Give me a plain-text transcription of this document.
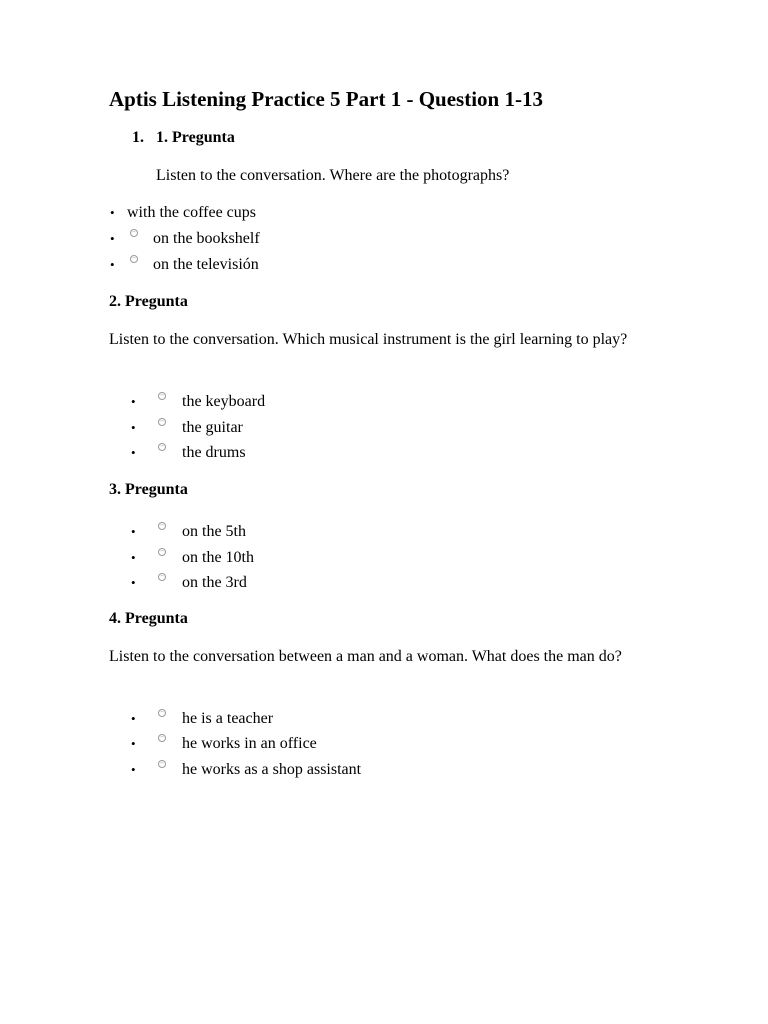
Aptis Listening Practice 5 Part 1 - Question 1-13
1. 1. Pregunta
Listen to the conversation. Where are the photographs?
•
with the coffee cups
•
on the bookshelf
•
on the televisión
2. Pregunta
Listen to the conversation. Which musical instrument is the girl learning to play?
•
the keyboard
•
the guitar
•
the drums
3. Pregunta
•
on the 5th
•
on the 10th
•
on the 3rd
4. Pregunta
Listen to the conversation between a man and a woman. What does the man do?
•
he is a teacher
•
he works in an office
•
he works as a shop assistant
